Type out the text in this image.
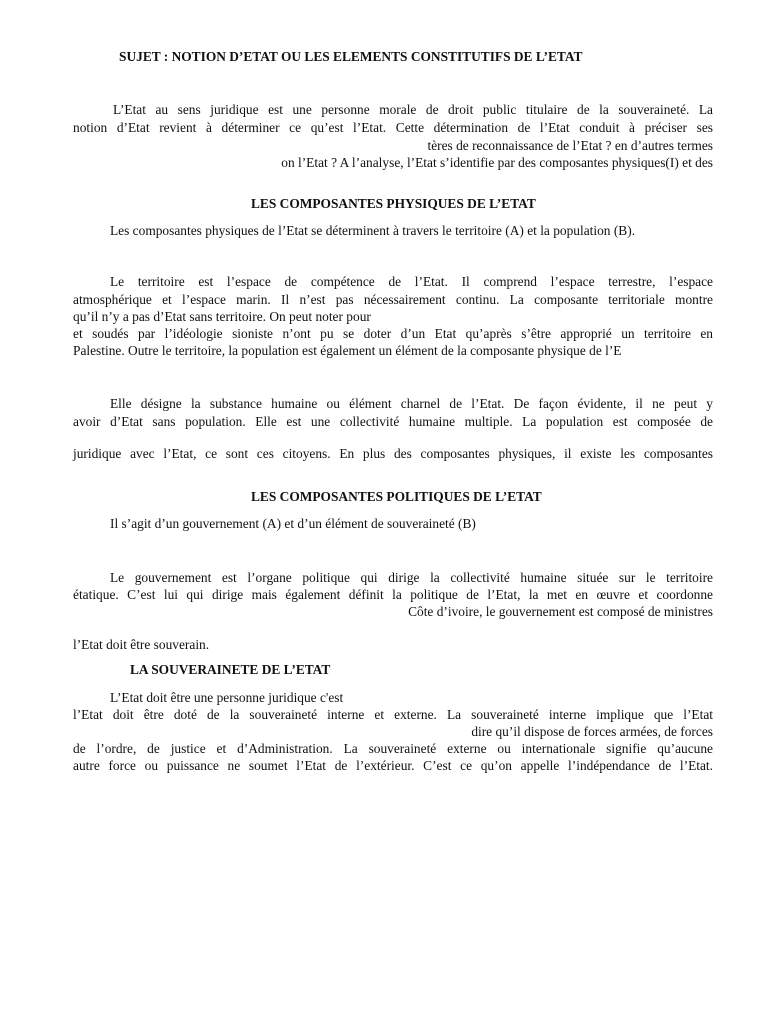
SUJET : NOTION D’ETAT OU LES ELEMENTS CONSTITUTIFS DE L’ETAT
L’Etat au sens juridique est une personne morale de droit public titulaire de la souveraineté. La
notion d’Etat revient à déterminer ce qu’est l’Etat. Cette détermination de l’Etat conduit à préciser ses
tères de reconnaissance de l’Etat ? en d’autres termes
on l’Etat ? A l’analyse, l’Etat s’identifie par des composantes physiques(I) et des
LES COMPOSANTES PHYSIQUES DE L’ETAT
Les composantes physiques de l’Etat se déterminent à travers le territoire (A) et la population (B).
Le territoire est l’espace de compétence de l’Etat. Il comprend l’espace terrestre, l’espace
atmosphérique et l’espace marin. Il n’est pas nécessairement continu. La composante territoriale montre
qu’il n’y a pas d’Etat sans territoire. On peut noter pour
et soudés par l’idéologie sioniste n’ont pu se doter d’un Etat qu’après s’être approprié un territoire en
Palestine. Outre le territoire, la population est également un élément de la composante physique de l’E
Elle désigne la substance humaine ou élément charnel de l’Etat. De façon évidente, il ne peut y
avoir d’Etat sans population. Elle est une collectivité humaine multiple. La population est composée de
juridique avec l’Etat, ce sont ces citoyens. En plus des composantes physiques, il existe les composantes
LES COMPOSANTES POLITIQUES DE L’ETAT
Il s’agit d’un gouvernement (A) et d’un élément de souveraineté (B)
Le gouvernement est l’organe politique qui dirige la collectivité humaine située sur le territoire
étatique. C’est lui qui dirige mais également définit la politique de l’Etat, la met en œuvre et coordonne
Côte d’ivoire, le gouvernement est composé de ministres
l’Etat doit être souverain.
LA SOUVERAINETE DE L’ETAT
L’Etat doit être une personne juridique c'est
l’Etat doit être doté de la souveraineté interne et externe. La souveraineté interne implique que l’Etat
dire qu’il dispose de forces armées, de forces
de l’ordre, de justice et d’Administration. La souveraineté externe ou internationale signifie qu’aucune
autre force ou puissance ne soumet l’Etat de l’extérieur. C’est ce qu’on appelle l’indépendance de l’Etat.
